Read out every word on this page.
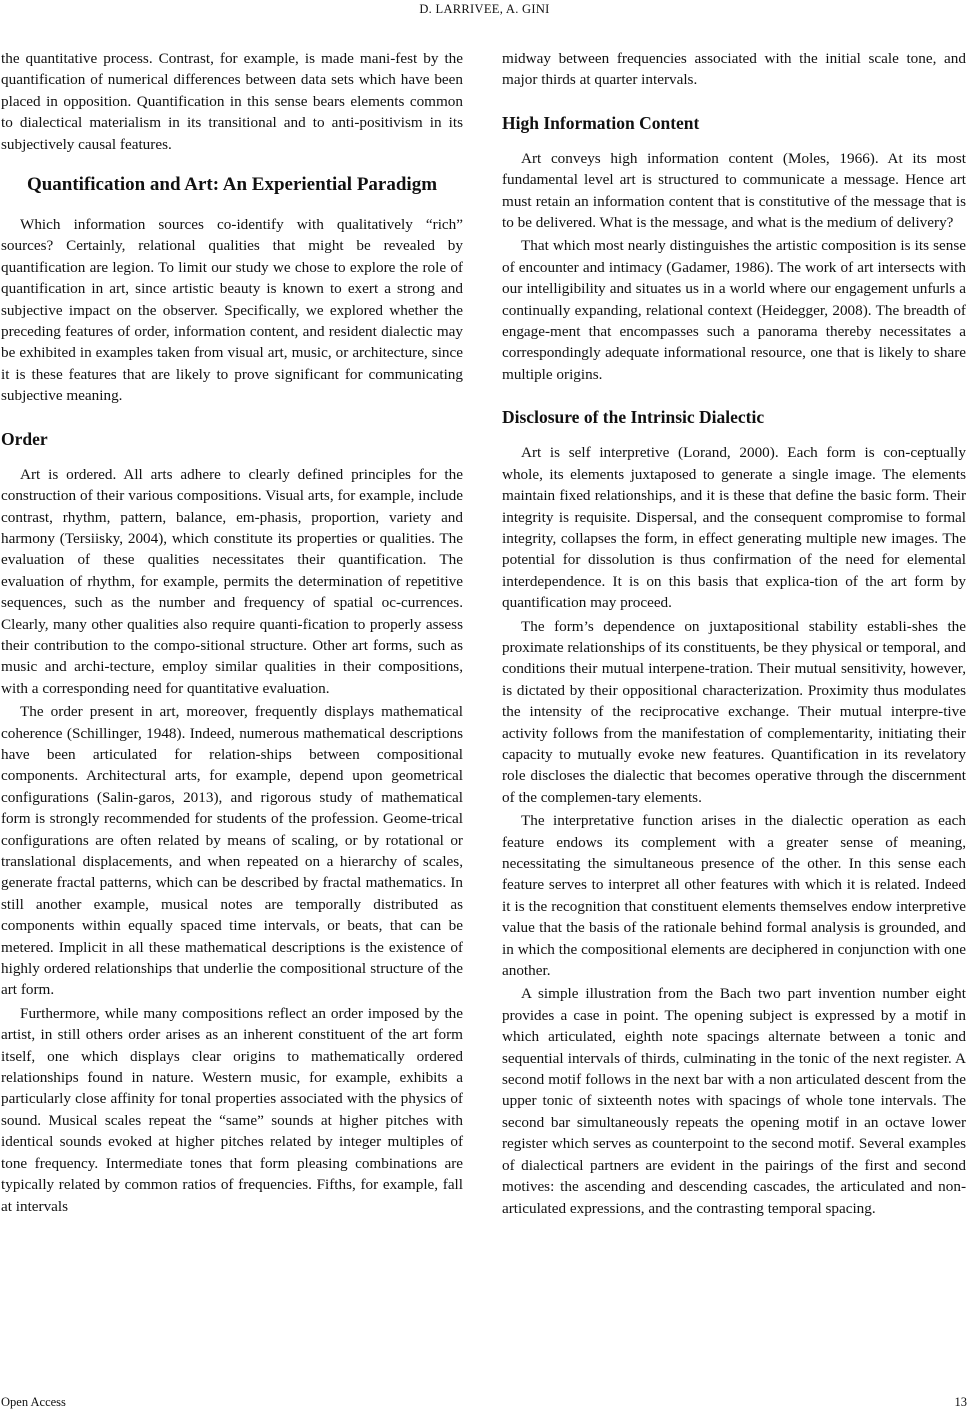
D. LARRIVEE, A. GINI

the quantitative process. Contrast, for example, is made mani-fest by the quantification of numerical differences between data sets which have been placed in opposition. Quantification in this sense bears elements common to dialectical materialism in its transitional and to anti-positivism in its subjectively causal features.

Quantification and Art: An Experiential Paradigm

Which information sources co-identify with qualitatively “rich” sources? Certainly, relational qualities that might be revealed by quantification are legion. To limit our study we chose to explore the role of quantification in art, since artistic beauty is known to exert a strong and subjective impact on the observer. Specifically, we explored whether the preceding features of order, information content, and resident dialectic may be exhibited in examples taken from visual art, music, or architecture, since it is these features that are likely to prove significant for communicating subjective meaning.

Order

Art is ordered. All arts adhere to clearly defined principles for the construction of their various compositions. Visual arts, for example, include contrast, rhythm, pattern, balance, em-phasis, proportion, variety and harmony (Tersiisky, 2004), which constitute its properties or qualities. The evaluation of these qualities necessitates their quantification. The evaluation of rhythm, for example, permits the determination of repetitive sequences, such as the number and frequency of spatial oc-currences. Clearly, many other qualities also require quanti-fication to properly assess their contribution to the compo-sitional structure. Other art forms, such as music and archi-tecture, employ similar qualities in their compositions, with a corresponding need for quantitative evaluation.

The order present in art, moreover, frequently displays mathematical coherence (Schillinger, 1948). Indeed, numerous mathematical descriptions have been articulated for relation-ships between compositional components. Architectural arts, for example, depend upon geometrical configurations (Salin-garos, 2013), and rigorous study of mathematical form is strongly recommended for students of the profession. Geome-trical configurations are often related by means of scaling, or by rotational or translational displacements, and when repeated on a hierarchy of scales, generate fractal patterns, which can be described by fractal mathematics. In still another example, musical notes are temporally distributed as components within equally spaced time intervals, or beats, that can be metered. Implicit in all these mathematical descriptions is the existence of highly ordered relationships that underlie the compositional structure of the art form.

Furthermore, while many compositions reflect an order imposed by the artist, in still others order arises as an inherent constituent of the art form itself, one which displays clear origins to mathematically ordered relationships found in nature. Western music, for example, exhibits a particularly close affinity for tonal properties associated with the physics of sound. Musical scales repeat the “same” sounds at higher pitches with identical sounds evoked at higher pitches related by integer multiples of tone frequency. Intermediate tones that form pleasing combinations are typically related by common ratios of frequencies. Fifths, for example, fall at intervals

midway between frequencies associated with the initial scale tone, and major thirds at quarter intervals.

High Information Content

Art conveys high information content (Moles, 1966). At its most fundamental level art is structured to communicate a message. Hence art must retain an information content that is constitutive of the message that is to be delivered. What is the message, and what is the medium of delivery?

That which most nearly distinguishes the artistic composition is its sense of encounter and intimacy (Gadamer, 1986). The work of art intersects with our intelligibility and situates us in a world where our engagement unfurls a continually expanding, relational context (Heidegger, 2008). The breadth of engage-ment that encompasses such a panorama thereby necessitates a correspondingly adequate informational resource, one that is likely to share multiple origins.

Disclosure of the Intrinsic Dialectic

Art is self interpretive (Lorand, 2000). Each form is con-ceptually whole, its elements juxtaposed to generate a single image. The elements maintain fixed relationships, and it is these that define the basic form. Their integrity is requisite. Dispersal, and the consequent compromise to formal integrity, collapses the form, in effect generating multiple new images. The potential for dissolution is thus confirmation of the need for elemental interdependence. It is on this basis that explica-tion of the art form by quantification may proceed.

The form’s dependence on juxtapositional stability establi-shes the proximate relationships of its constituents, be they physical or temporal, and conditions their mutual interpene-tration. Their mutual sensitivity, however, is dictated by their oppositional characterization. Proximity thus modulates the intensity of the reciprocative exchange. Their mutual interpre-tive activity follows from the manifestation of complementarity, initiating their capacity to mutually evoke new features. Quantification in its revelatory role discloses the dialectic that becomes operative through the discernment of the complemen-tary elements.

The interpretative function arises in the dialectic operation as each feature endows its complement with a greater sense of meaning, necessitating the simultaneous presence of the other. In this sense each feature serves to interpret all other features with which it is related. Indeed it is the recognition that constituent elements themselves endow interpretive value that the basis of the rationale behind formal analysis is grounded, and in which the compositional elements are deciphered in conjunction with one another.

A simple illustration from the Bach two part invention number eight provides a case in point. The opening subject is expressed by a motif in which articulated, eighth note spacings alternate between a tonic and sequential intervals of thirds, culminating in the tonic of the next register. A second motif follows in the next bar with a non articulated descent from the upper tonic of sixteenth notes with spacings of whole tone intervals. The second bar simultaneously repeats the opening motif in an octave lower register which serves as counterpoint to the second motif. Several examples of dialectical partners are evident in the pairings of the first and second motives: the ascending and descending cascades, the articulated and non-articulated expressions, and the contrasting temporal spacing.

Open Access	13
